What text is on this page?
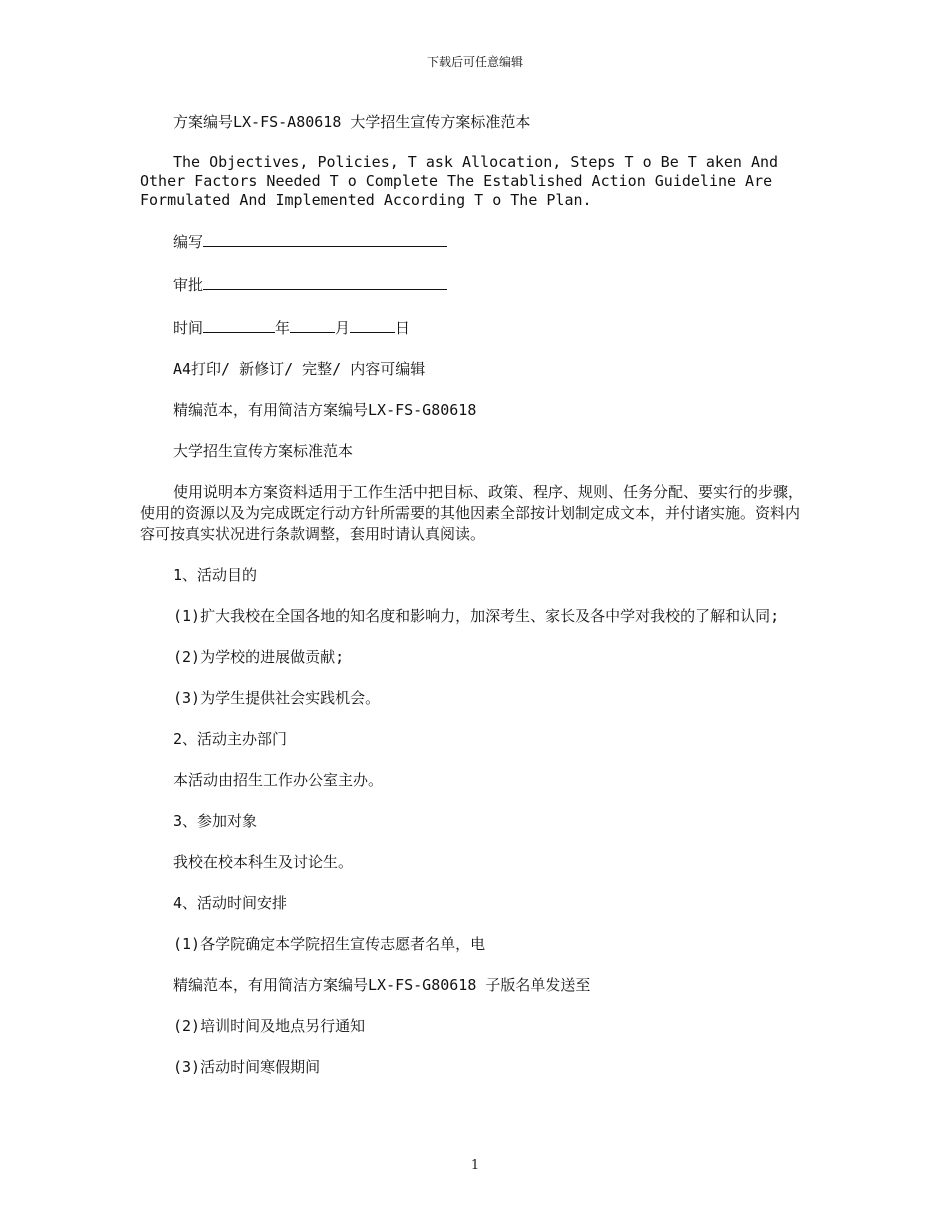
下载后可任意编辑

方案编号LX-FS-A80618 大学招生宣传方案标准范本

The Objectives, Policies, T ask Allocation, Steps T o Be T aken And Other Factors Needed T o Complete The Established Action Guideline Are Formulated And Implemented According T o The Plan.

编写

审批

时间	年	月	日

A4打印/ 新修订/ 完整/ 内容可编辑

精编范本，有用简洁方案编号LX-FS-G80618

大学招生宣传方案标准范本

使用说明本方案资料适用于工作生活中把目标、政策、程序、规则、任务分配、要实行的步骤，使用的资源以及为完成既定行动方针所需要的其他因素全部按计划制定成文本，并付诸实施。资料内容可按真实状况进行条款调整，套用时请认真阅读。

1、活动目的

(1)扩大我校在全国各地的知名度和影响力，加深考生、家长及各中学对我校的了解和认同;

(2)为学校的进展做贡献;

(3)为学生提供社会实践机会。

2、活动主办部门

本活动由招生工作办公室主办。

3、参加对象

我校在校本科生及讨论生。

4、活动时间安排

(1)各学院确定本学院招生宣传志愿者名单，电

精编范本，有用简洁方案编号LX-FS-G80618 子版名单发送至

(2)培训时间及地点另行通知

(3)活动时间寒假期间

1
